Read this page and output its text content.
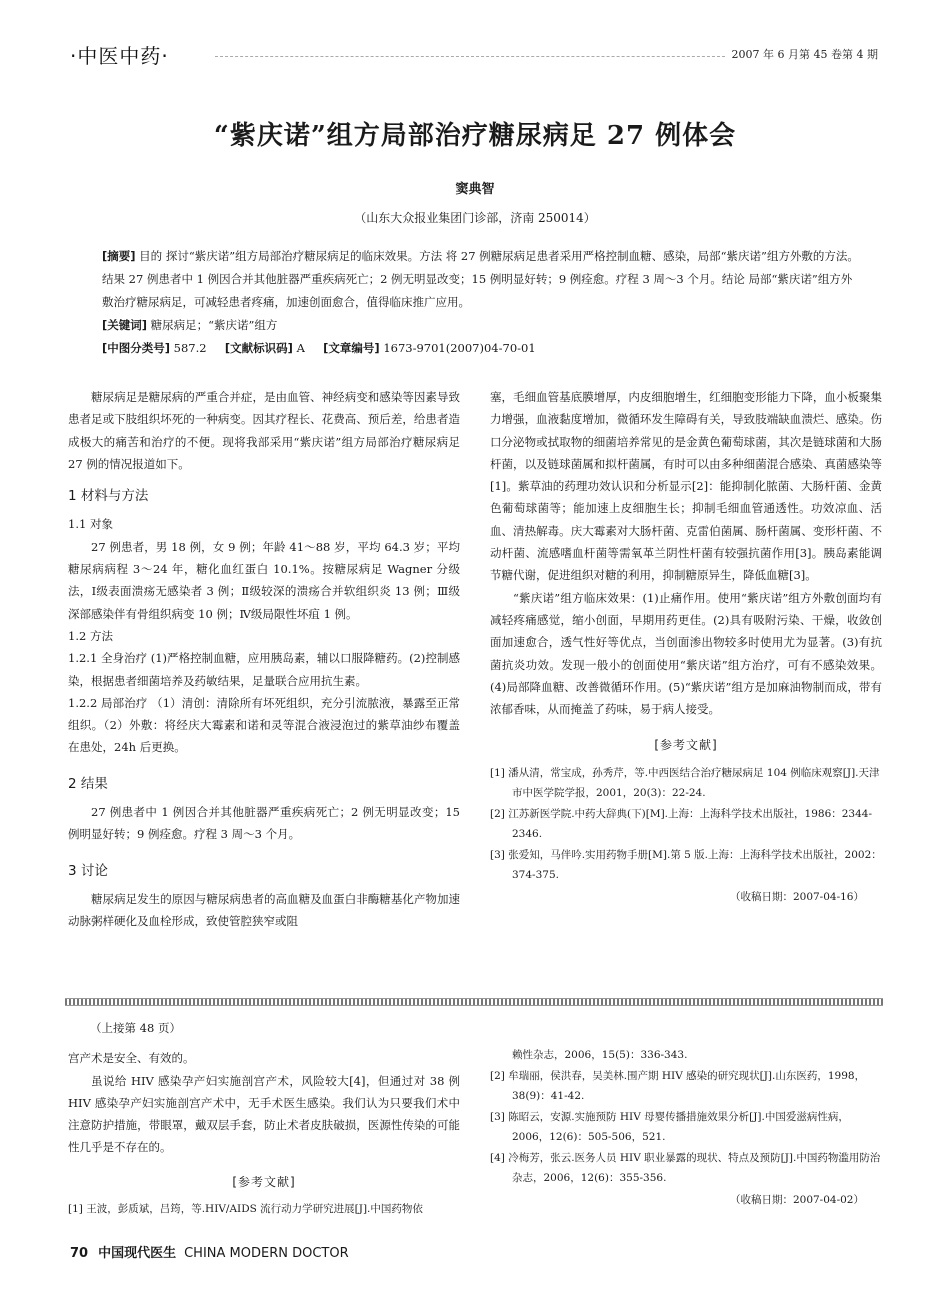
·中医中药·	2007 年 6 月第 45 卷第 4 期
“紫庆诺”组方局部治疗糖尿病足 27 例体会
窦典智
（山东大众报业集团门诊部，济南 250014）

[摘要] 目的 探讨“紫庆诺”组方局部治疗糖尿病足的临床效果。方法 将 27 例糖尿病足患者采用严格控制血糖、感染，局部“紫庆诺”组方外敷的方法。结果 27 例患者中 1 例因合并其他脏器严重疾病死亡；2 例无明显改变；15 例明显好转；9 例痊愈。疗程 3 周～3 个月。结论 局部“紫庆诺”组方外敷治疗糖尿病足，可减轻患者疼痛，加速创面愈合，值得临床推广应用。

[关键词] 糖尿病足；“紫庆诺”组方

[中图分类号] 587.2 [文献标识码] A [文章编号] 1673-9701(2007)04-70-01

糖尿病足是糖尿病的严重合并症，是由血管、神经病变和感染等因素导致患者足或下肢组织坏死的一种病变。因其疗程长、花费高、预后差，给患者造成极大的痛苦和治疗的不便。现将我部采用“紫庆诺”组方局部治疗糖尿病足 27 例的情况报道如下。

1 材料与方法

1.1 对象

27 例患者，男 18 例，女 9 例；年龄 41～88 岁，平均 64.3 岁；平均糖尿病病程 3～24 年，糖化血红蛋白 10.1%。按糖尿病足 Wagner 分级法，Ⅰ级表面溃疡无感染者 3 例；Ⅱ级较深的溃疡合并软组织炎 13 例；Ⅲ级深部感染伴有骨组织病变 10 例；Ⅳ级局限性坏疽 1 例。

1.2 方法

1.2.1 全身治疗 (1)严格控制血糖，应用胰岛素，辅以口服降糖药。(2)控制感染，根据患者细菌培养及药敏结果，足量联合应用抗生素。

1.2.2 局部治疗 （1）清创：清除所有坏死组织，充分引流脓液，暴露至正常组织。（2）外敷：将经庆大霉素和诺和灵等混合液浸泡过的紫草油纱布覆盖在患处，24h 后更换。

2 结果

27 例患者中 1 例因合并其他脏器严重疾病死亡；2 例无明显改变；15 例明显好转；9 例痊愈。疗程 3 周～3 个月。

3 讨论

糖尿病足发生的原因与糖尿病患者的高血糖及血蛋白非酶糖基化产物加速动脉粥样硬化及血栓形成，致使管腔狭窄或阻

塞，毛细血管基底膜增厚，内皮细胞增生，红细胞变形能力下降，血小板聚集力增强，血液黏度增加，微循环发生障碍有关，导致肢端缺血溃烂、感染。伤口分泌物或拭取物的细菌培养常见的是金黄色葡萄球菌，其次是链球菌和大肠杆菌，以及链球菌属和拟杆菌属，有时可以由多种细菌混合感染、真菌感染等[1]。紫草油的药理功效认识和分析显示[2]：能抑制化脓菌、大肠杆菌、金黄色葡萄球菌等；能加速上皮细胞生长；抑制毛细血管通透性。功效凉血、活血、清热解毒。庆大霉素对大肠杆菌、克雷伯菌属、肠杆菌属、变形杆菌、不动杆菌、流感嗜血杆菌等需氧革兰阴性杆菌有较强抗菌作用[3]。胰岛素能调节糖代谢，促进组织对糖的利用，抑制糖原异生，降低血糖[3]。

“紫庆诺”组方临床效果：(1)止痛作用。使用“紫庆诺”组方外敷创面均有减轻疼痛感觉，缩小创面，早期用药更佳。(2)具有吸附污染、干燥，收敛创面加速愈合，透气性好等优点，当创面渗出物较多时使用尤为显著。(3)有抗菌抗炎功效。发现一般小的创面使用“紫庆诺”组方治疗，可有不感染效果。(4)局部降血糖、改善微循环作用。(5)“紫庆诺”组方是加麻油物制而成，带有浓郁香味，从而掩盖了药味，易于病人接受。

[参考文献]

[1] 潘从清，常宝成，孙秀芹，等.中西医结合治疗糖尿病足 104 例临床观察[J].天津市中医学院学报，2001，20(3)：22-24.

[2] 江苏新医学院.中药大辞典(下)[M].上海：上海科学技术出版社，1986：2344-2346.

[3] 张爱知，马伴吟.实用药物手册[M].第 5 版.上海：上海科学技术出版社，2002：374-375.

（收稿日期：2007-04-16）

（上接第 48 页）

宫产术是安全、有效的。

虽说给 HIV 感染孕产妇实施剖宫产术，风险较大[4]，但通过对 38 例 HIV 感染孕产妇实施剖宫产术中，无手术医生感染。我们认为只要我们术中注意防护措施，带眼罩，戴双层手套，防止术者皮肤破损，医源性传染的可能性几乎是不存在的。

[参考文献]

[1] 王波，彭质斌，吕筠，等.HIV/AIDS 流行动力学研究进展[J].中国药物依

赖性杂志，2006，15(5)：336-343.

[2] 牟瑞丽，侯洪春，吴美林.围产期 HIV 感染的研究现状[J].山东医药，1998，38(9)：41-42.

[3] 陈昭云，安源.实施预防 HIV 母婴传播措施效果分析[J].中国爱滋病性病，2006，12(6)：505-506，521.

[4] 冷梅芳，张云.医务人员 HIV 职业暴露的现状、特点及预防[J].中国药物滥用防治杂志，2006，12(6)：355-356.

（收稿日期：2007-04-02）

70 中国现代医生 CHINA MODERN DOCTOR
